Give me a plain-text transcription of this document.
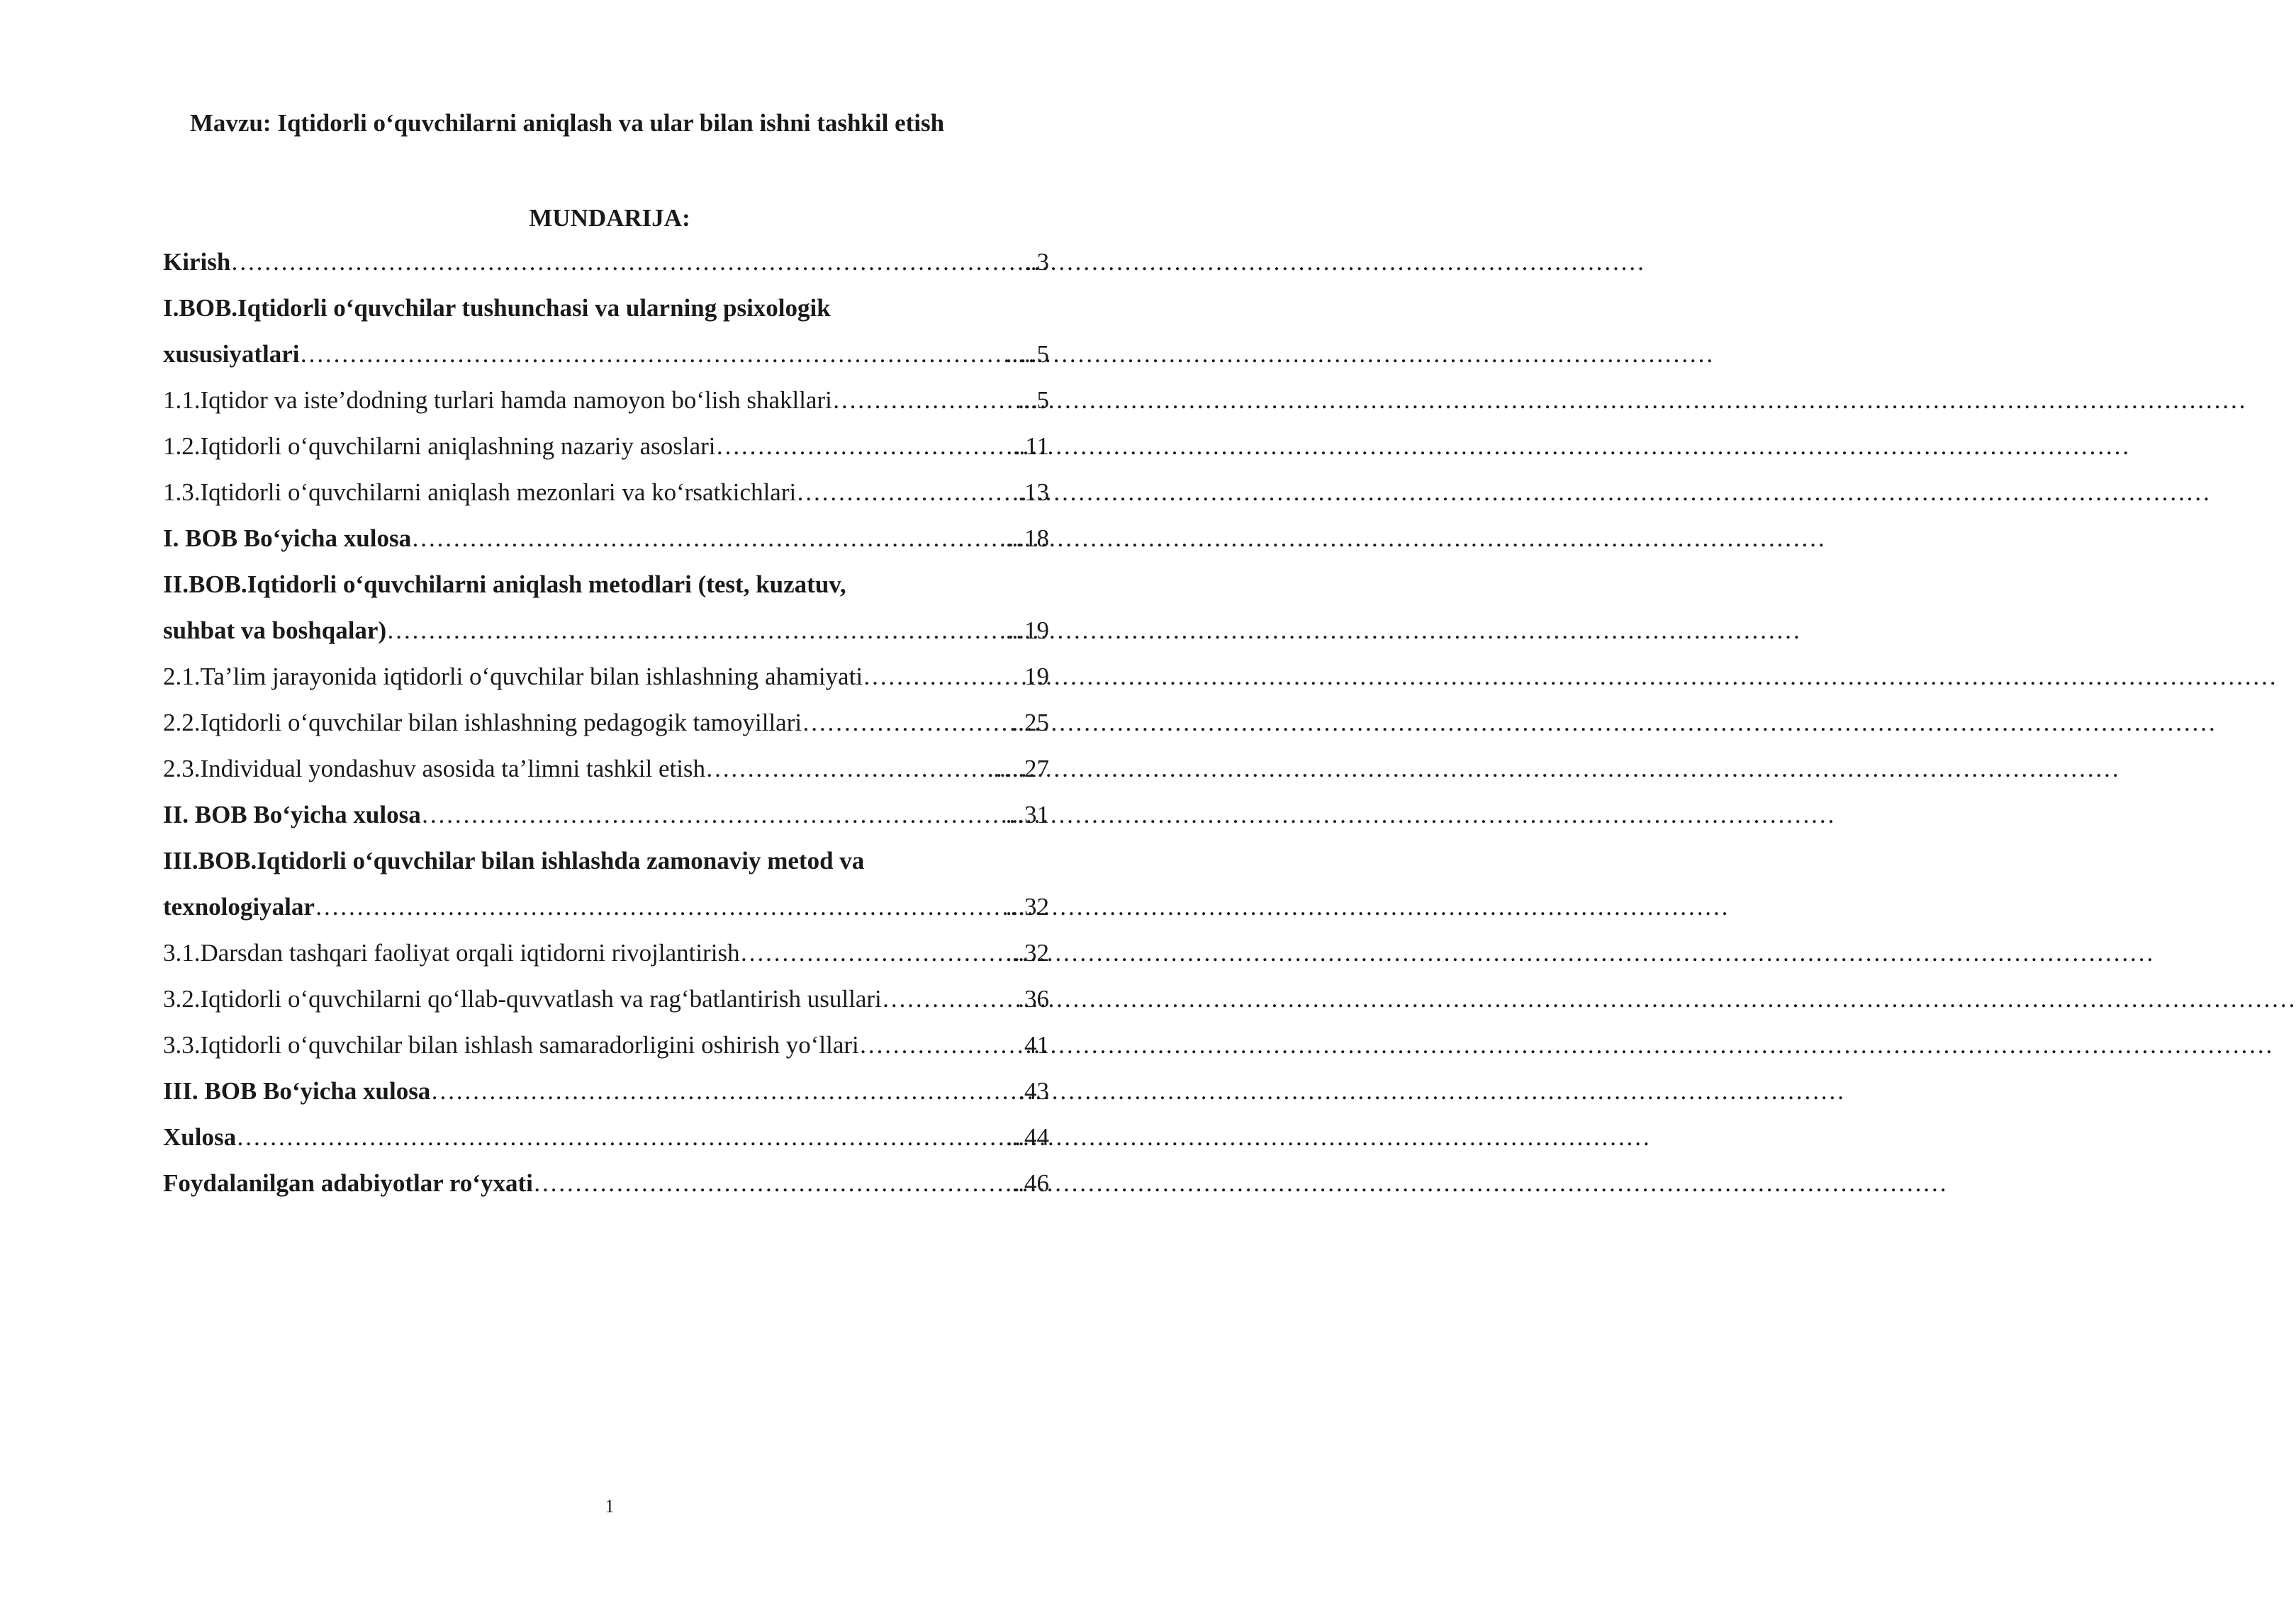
Mavzu: Iqtidorli o‘quvchilarni aniqlash va ular bilan ishni tashkil etish
MUNDARIJA:
Kirish ………………………………………………………………………………………………………………………………………………………	..3
I.BOB.Iqtidorli o‘quvchilar tushunchasi va ularning psixologik
xususiyatlari ………………………………………………………………………………………………………………………………………………………	.....5
1.1.Iqtidor va iste’dodning turlari hamda namoyon bo‘lish shakllari ………………………………………………………………………………………………………………………………………………………	...5
1.2.Iqtidorli o‘quvchilarni aniqlashning nazariy asoslari ………………………………………………………………………………………………………………………………………………………	..11
1.3.Iqtidorli o‘quvchilarni aniqlash mezonlari va ko‘rsatkichlari ………………………………………………………………………………………………………………………………………………………	.13
I. BOB Bo‘yicha xulosa ………………………………………………………………………………………………………………………………………………………	....18
II.BOB.Iqtidorli o‘quvchilarni aniqlash metodlari (test, kuzatuv,
suhbat va boshqalar) ………………………………………………………………………………………………………………………………………………………	...19
2.1.Ta’lim jarayonida iqtidorli o‘quvchilar bilan ishlashning ahamiyati ………………………………………………………………………………………………………………………………………………………	19
2.2.Iqtidorli o‘quvchilar bilan ishlashning pedagogik tamoyillari ………………………………………………………………………………………………………………………………………………………	..25
2.3.Individual yondashuv asosida ta’limni tashkil etish ………………………………………………………………………………………………………………………………………………………	......27
II. BOB Bo‘yicha xulosa ………………………………………………………………………………………………………………………………………………………	...31
III.BOB.Iqtidorli o‘quvchilar bilan ishlashda zamonaviy metod va
texnologiyalar ………………………………………………………………………………………………………………………………………………………	...32
3.1.Darsdan tashqari faoliyat orqali iqtidorni rivojlantirish ………………………………………………………………………………………………………………………………………………………	...32
3.2.Iqtidorli o‘quvchilarni qo‘llab-quvvatlash va rag‘batlantirish usullari ………………………………………………………………………………………………………………………………………………………	.36
3.3.Iqtidorli o‘quvchilar bilan ishlash samaradorligini oshirish yo‘llari ………………………………………………………………………………………………………………………………………………………	41
III. BOB Bo‘yicha xulosa ………………………………………………………………………………………………………………………………………………………	.43
Xulosa ………………………………………………………………………………………………………………………………………………………	...44
Foydalanilgan adabiyotlar ro‘yxati ………………………………………………………………………………………………………………………………………………………	..46
1
